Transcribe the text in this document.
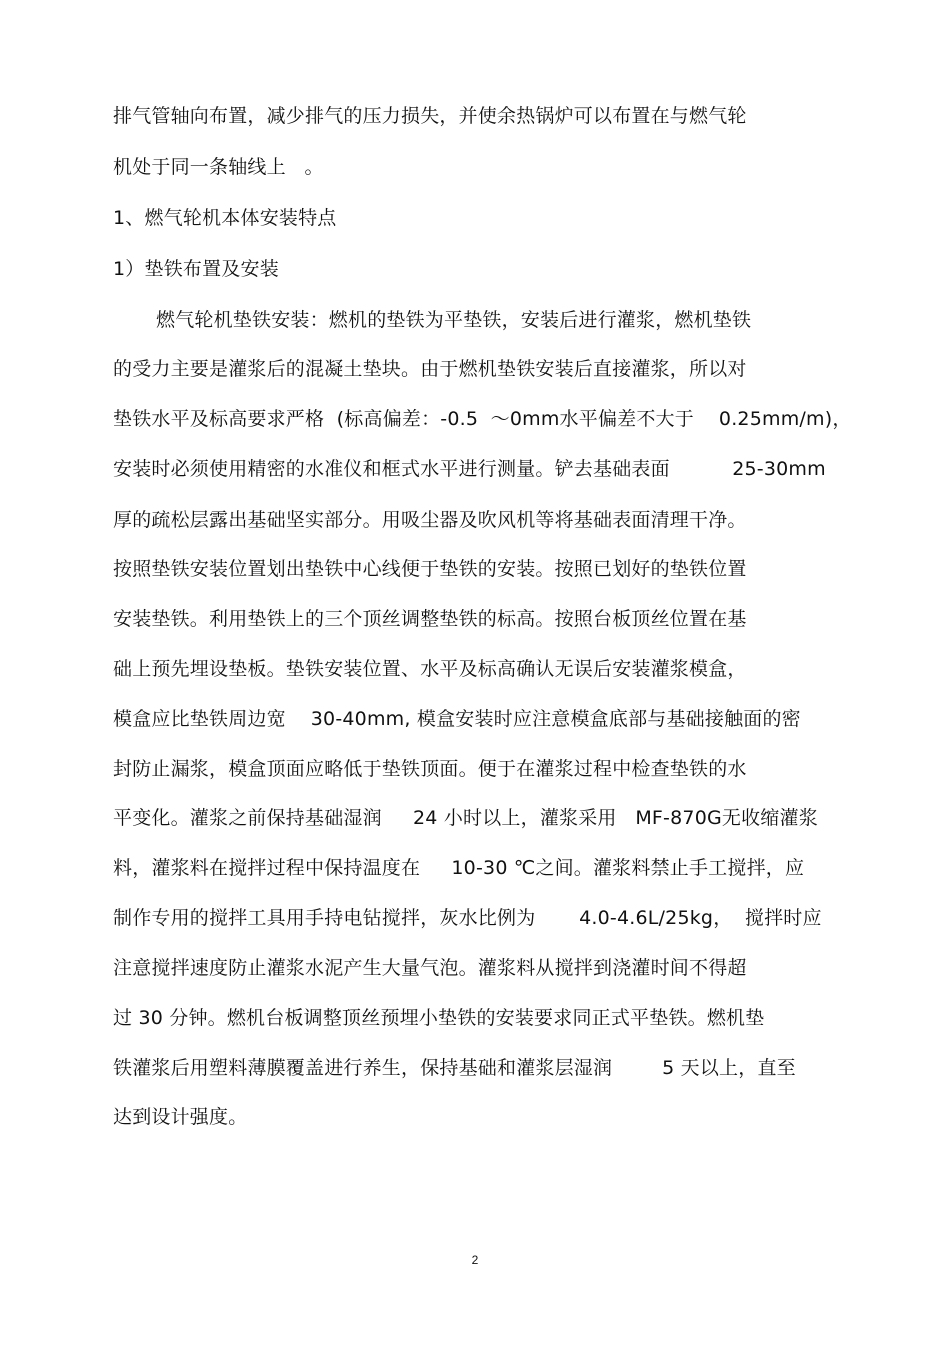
排气管轴向布置，减少排气的压力损失，并使余热锅炉可以布置在与燃气轮
机处于同一条轴线上   。
1、燃气轮机本体安装特点
1）垫铁布置及安装
燃气轮机垫铁安装：燃机的垫铁为平垫铁，安装后进行灌浆，燃机垫铁
的受力主要是灌浆后的混凝土垫块。由于燃机垫铁安装后直接灌浆，所以对
垫铁水平及标高要求严格  (标高偏差：-0.5  ～0mm水平偏差不大于    0.25mm/m)，
安装时必须使用精密的水准仪和框式水平进行测量。铲去基础表面          25-30mm
厚的疏松层露出基础坚实部分。用吸尘器及吹风机等将基础表面清理干净。
按照垫铁安装位置划出垫铁中心线便于垫铁的安装。按照已划好的垫铁位置
安装垫铁。利用垫铁上的三个顶丝调整垫铁的标高。按照台板顶丝位置在基
础上预先埋设垫板。垫铁安装位置、水平及标高确认无误后安装灌浆模盒，
模盒应比垫铁周边宽    30-40mm, 模盒安装时应注意模盒底部与基础接触面的密
封防止漏浆，模盒顶面应略低于垫铁顶面。便于在灌浆过程中检查垫铁的水
平变化。灌浆之前保持基础湿润     24 小时以上，灌浆采用   MF-870G无收缩灌浆
料，灌浆料在搅拌过程中保持温度在     10-30 ℃之间。灌浆料禁止手工搅拌，应
制作专用的搅拌工具用手持电钻搅拌，灰水比例为       4.0-4.6L/25kg，  搅拌时应
注意搅拌速度防止灌浆水泥产生大量气泡。灌浆料从搅拌到浇灌时间不得超
过 30 分钟。燃机台板调整顶丝预埋小垫铁的安装要求同正式平垫铁。燃机垫
铁灌浆后用塑料薄膜覆盖进行养生，保持基础和灌浆层湿润        5 天以上，直至
达到设计强度。
2
